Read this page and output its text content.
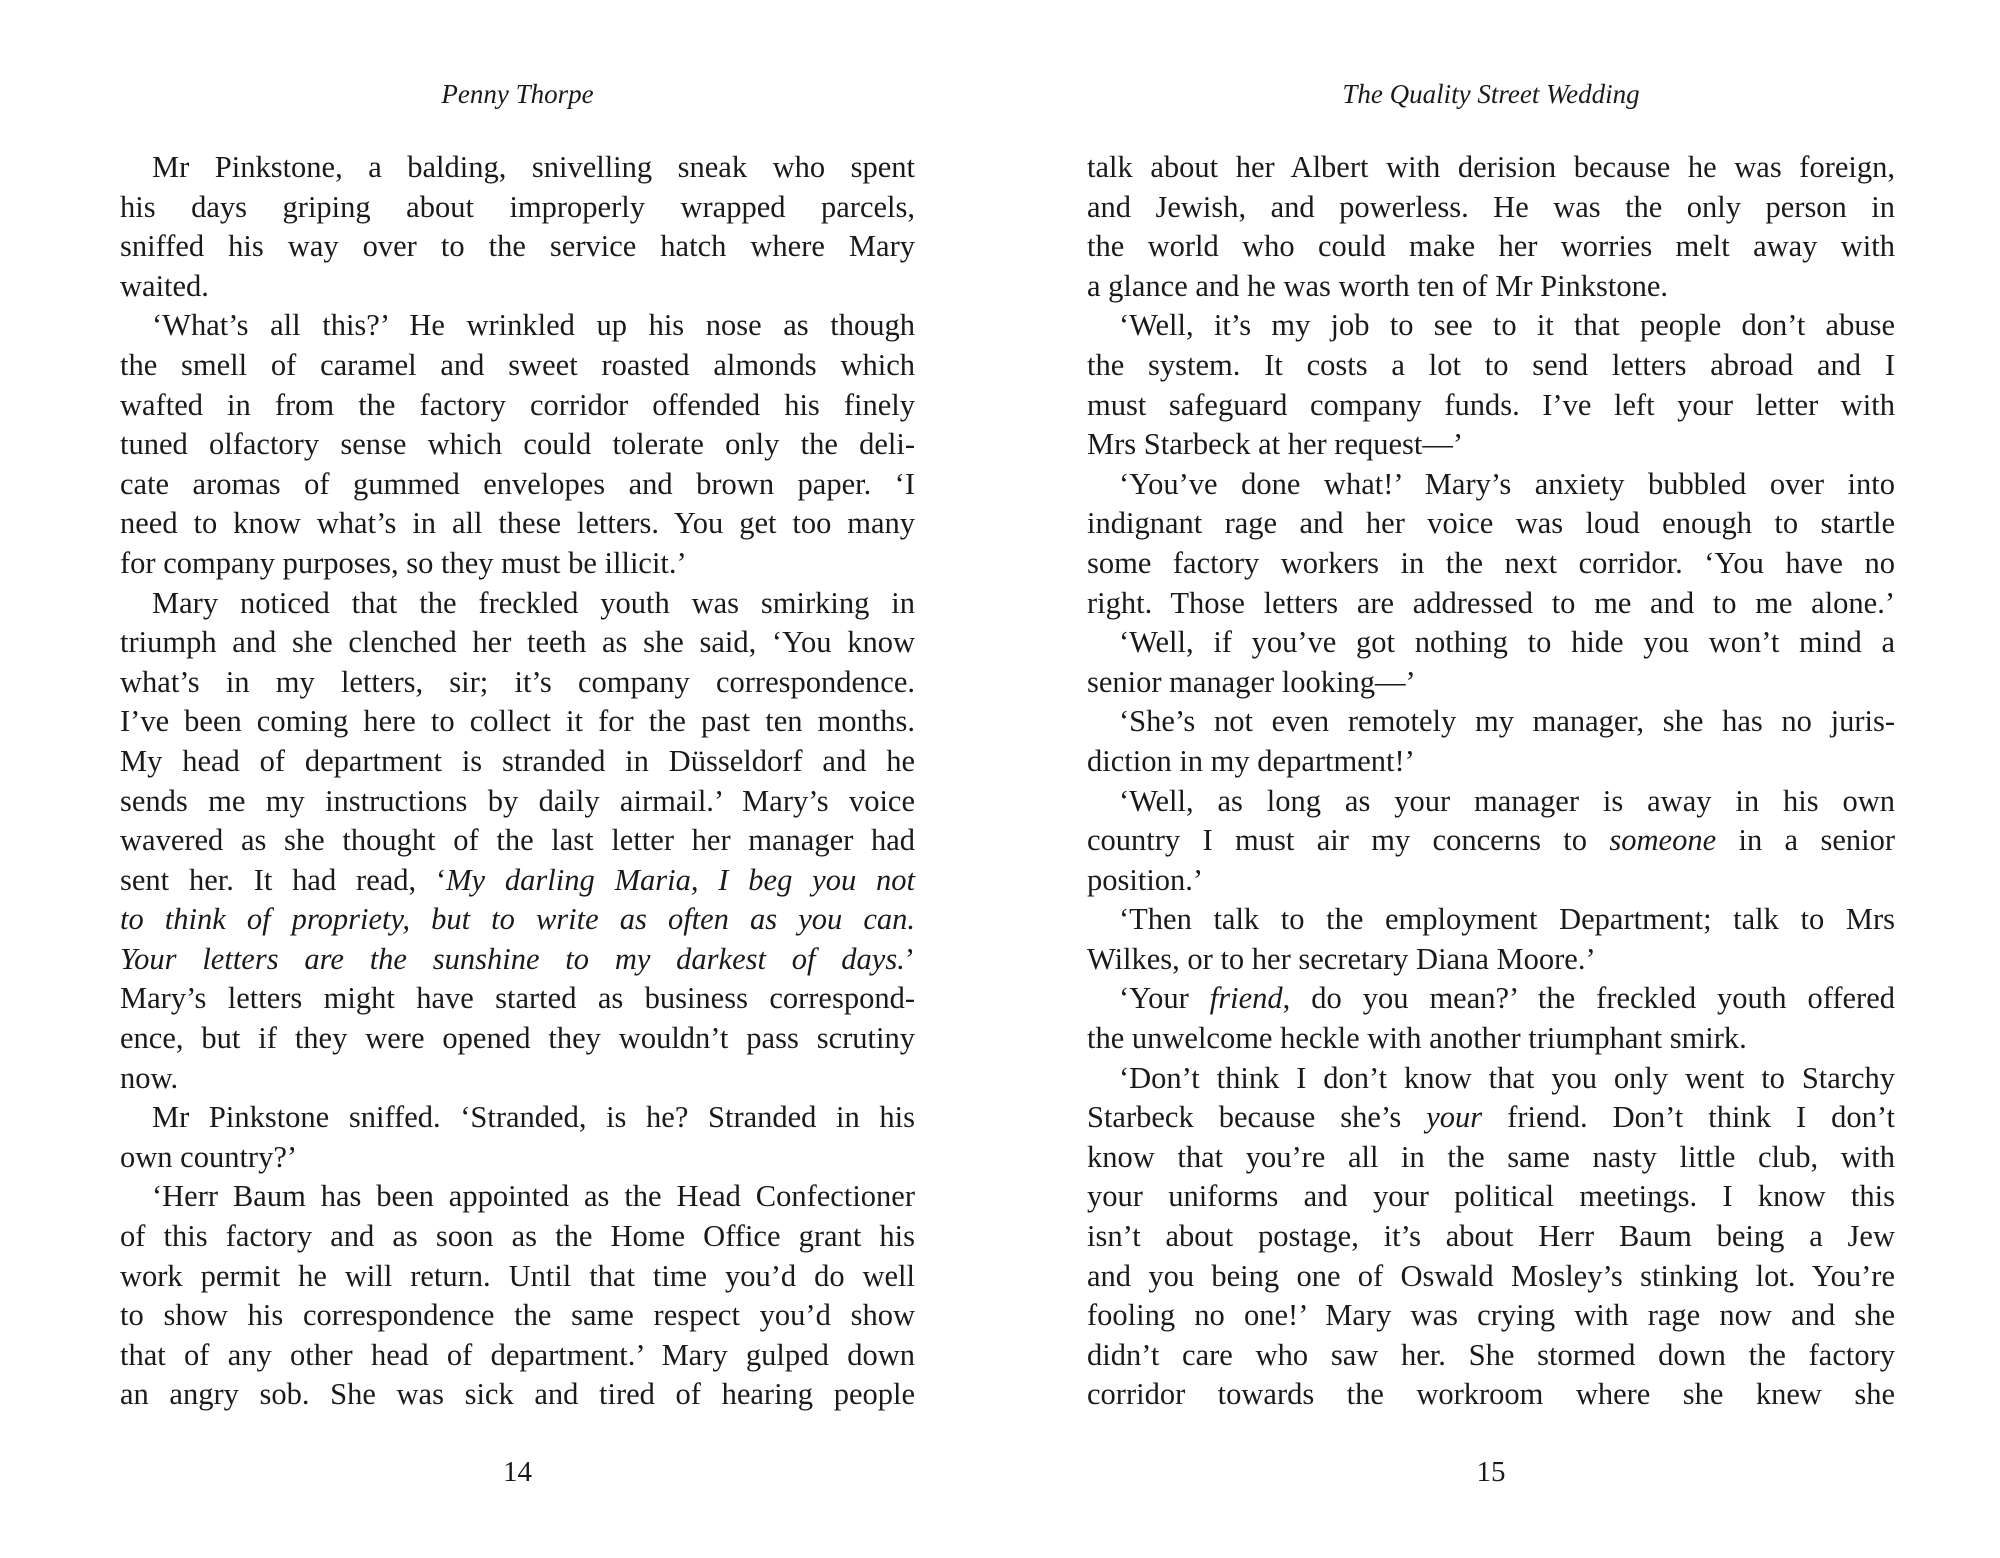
Penny Thorpe
Mr Pinkstone, a balding, snivelling sneak who spent
his days griping about improperly wrapped parcels,
sniffed his way over to the service hatch where Mary
waited.
‘What’s all this?’ He wrinkled up his nose as though
the smell of caramel and sweet roasted almonds which
wafted in from the factory corridor offended his finely
tuned olfactory sense which could tolerate only the deli-
cate aromas of gummed envelopes and brown paper. ‘I
need to know what’s in all these letters. You get too many
for company purposes, so they must be illicit.’
Mary noticed that the freckled youth was smirking in
triumph and she clenched her teeth as she said, ‘You know
what’s in my letters, sir; it’s company correspondence.
I’ve been coming here to collect it for the past ten months.
My head of department is stranded in Düsseldorf and he
sends me my instructions by daily airmail.’ Mary’s voice
wavered as she thought of the last letter her manager had
sent her. It had read, ‘My darling Maria, I beg you not
to think of propriety, but to write as often as you can.
Your letters are the sunshine to my darkest of days.’
Mary’s letters might have started as business correspond-
ence, but if they were opened they wouldn’t pass scrutiny
now.
Mr Pinkstone sniffed. ‘Stranded, is he? Stranded in his
own country?’
‘Herr Baum has been appointed as the Head Confectioner
of this factory and as soon as the Home Office grant his
work permit he will return. Until that time you’d do well
to show his correspondence the same respect you’d show
that of any other head of department.’ Mary gulped down
an angry sob. She was sick and tired of hearing people
14
The Quality Street Wedding
talk about her Albert with derision because he was foreign,
and Jewish, and powerless. He was the only person in
the world who could make her worries melt away with
a glance and he was worth ten of Mr Pinkstone.
‘Well, it’s my job to see to it that people don’t abuse
the system. It costs a lot to send letters abroad and I
must safeguard company funds. I’ve left your letter with
Mrs Starbeck at her request—’
‘You’ve done what!’ Mary’s anxiety bubbled over into
indignant rage and her voice was loud enough to startle
some factory workers in the next corridor. ‘You have no
right. Those letters are addressed to me and to me alone.’
‘Well, if you’ve got nothing to hide you won’t mind a
senior manager looking—’
‘She’s not even remotely my manager, she has no juris-
diction in my department!’
‘Well, as long as your manager is away in his own
country I must air my concerns to someone in a senior
position.’
‘Then talk to the employment Department; talk to Mrs
Wilkes, or to her secretary Diana Moore.’
‘Your friend, do you mean?’ the freckled youth offered
the unwelcome heckle with another triumphant smirk.
‘Don’t think I don’t know that you only went to Starchy
Starbeck because she’s your friend. Don’t think I don’t
know that you’re all in the same nasty little club, with
your uniforms and your political meetings. I know this
isn’t about postage, it’s about Herr Baum being a Jew
and you being one of Oswald Mosley’s stinking lot. You’re
fooling no one!’ Mary was crying with rage now and she
didn’t care who saw her. She stormed down the factory
corridor towards the workroom where she knew she
15
